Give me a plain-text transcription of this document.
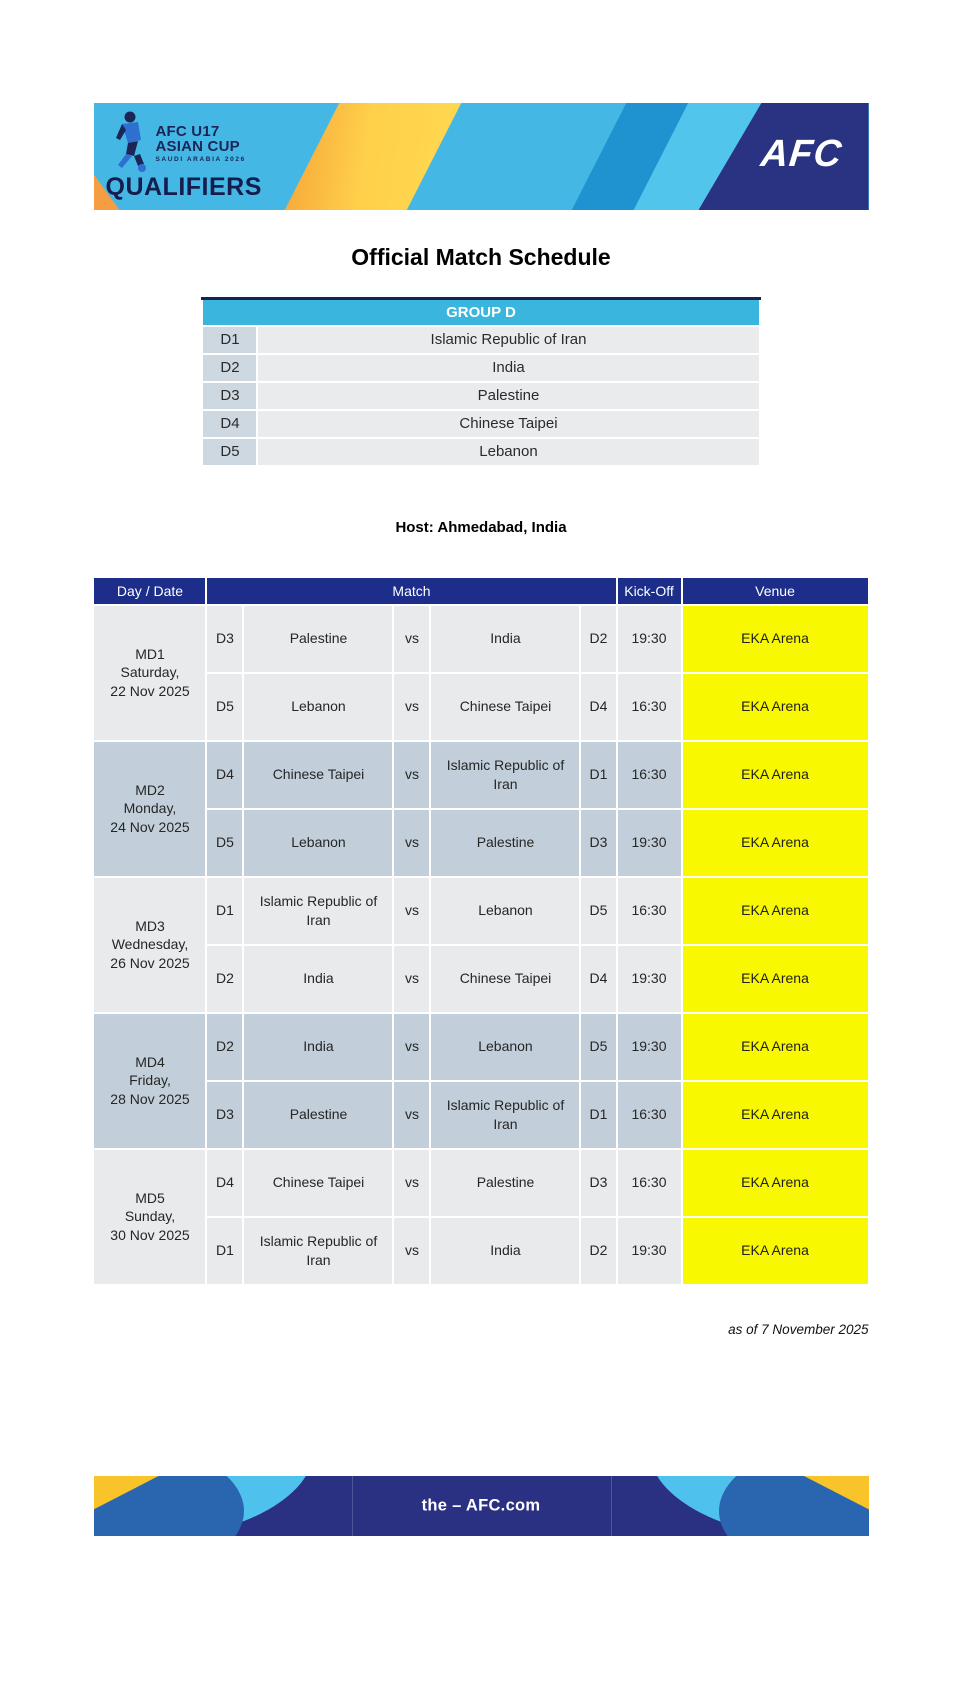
AFC U17
ASIAN CUP
SAUDI ARABIA 2026
QUALIFIERS
AFC
Official Match Schedule
GROUP D	
D1	Islamic Republic of Iran
D2	India
D3	Palestine
D4	Chinese Taipei
D5	Lebanon
Host: Ahmedabad, India
Day / Date	Match					Kick-Off	Venue

MD1
Saturday,
22 Nov 2025	D3	Palestine	vs	India	D2	19:30	EKA Arena
	D5	Lebanon	vs	Chinese Taipei	D4	16:30	EKA Arena

MD2
Monday,
24 Nov 2025	D4	Chinese Taipei	vs	Islamic Republic of Iran	D1	16:30	EKA Arena
	D5	Lebanon	vs	Palestine	D3	19:30	EKA Arena

MD3
Wednesday,
26 Nov 2025	D1	Islamic Republic of Iran	vs	Lebanon	D5	16:30	EKA Arena
	D2	India	vs	Chinese Taipei	D4	19:30	EKA Arena

MD4
Friday,
28 Nov 2025	D2	India	vs	Lebanon	D5	19:30	EKA Arena
	D3	Palestine	vs	Islamic Republic of Iran	D1	16:30	EKA Arena

MD5
Sunday,
30 Nov 2025	D4	Chinese Taipei	vs	Palestine	D3	16:30	EKA Arena
	D1	Islamic Republic of Iran	vs	India	D2	19:30	EKA Arena
as of 7 November 2025
the – AFC.com
